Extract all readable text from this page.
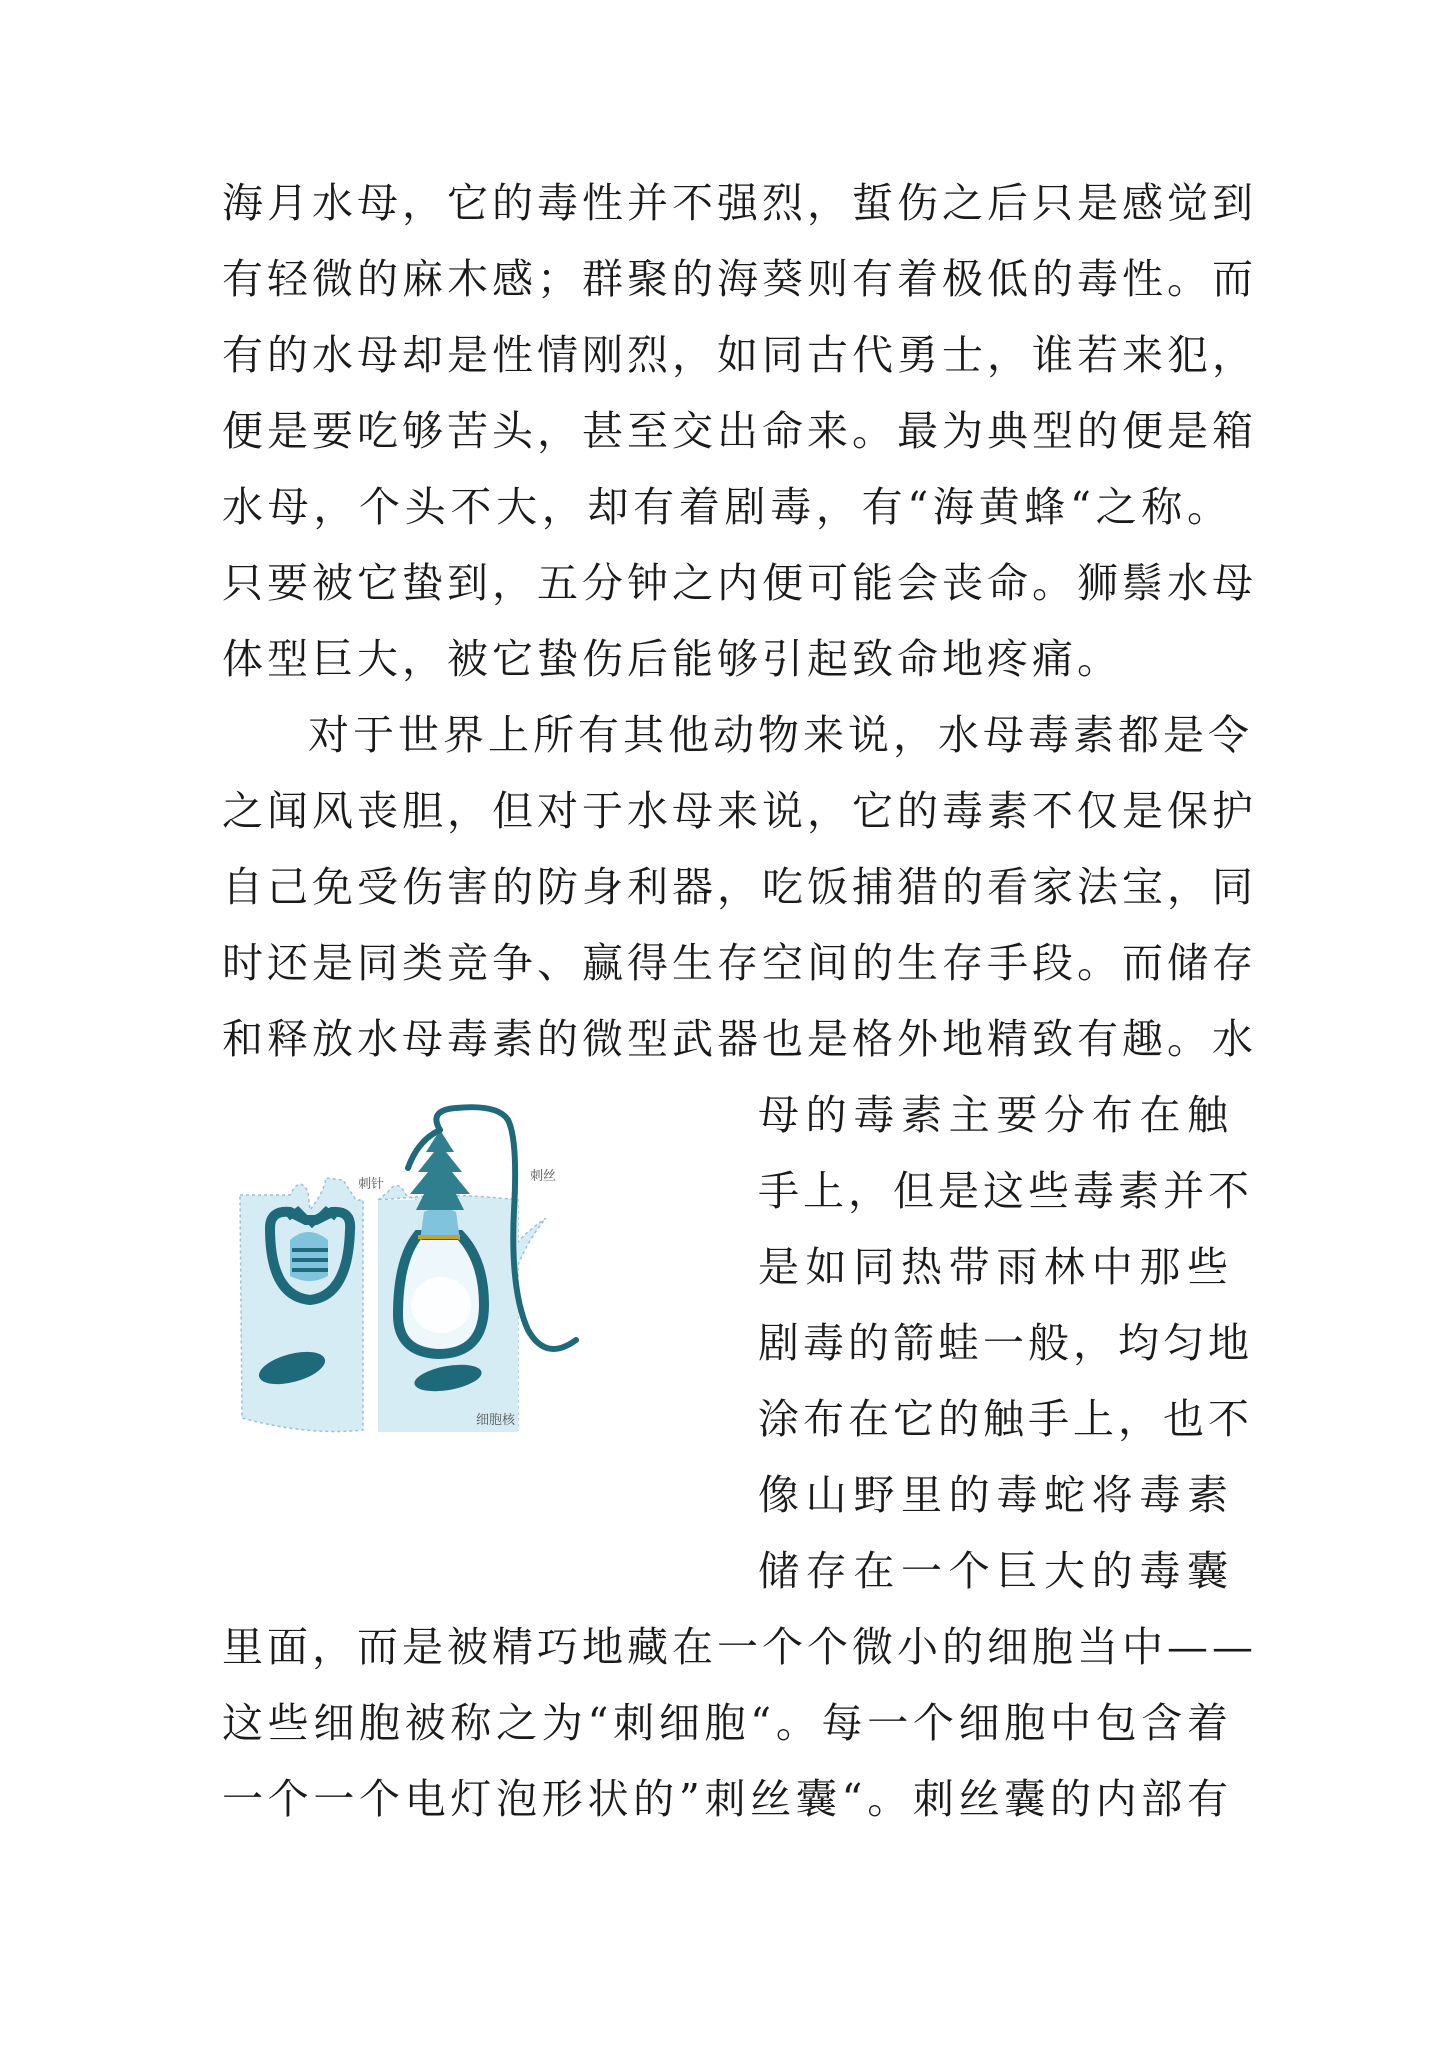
海月水母，它的毒性并不强烈，蜇伤之后只是感觉到
有轻微的麻木感；群聚的海葵则有着极低的毒性。而
有的水母却是性情刚烈，如同古代勇士，谁若来犯，
便是要吃够苦头，甚至交出命来。最为典型的便是箱
水母，个头不大，却有着剧毒，有“海黄蜂“之称。
只要被它蛰到，五分钟之内便可能会丧命。狮鬃水母
体型巨大，被它蛰伤后能够引起致命地疼痛。
对于世界上所有其他动物来说，水母毒素都是令
之闻风丧胆，但对于水母来说，它的毒素不仅是保护
自己免受伤害的防身利器，吃饭捕猎的看家法宝，同
时还是同类竞争、赢得生存空间的生存手段。而储存
和释放水母毒素的微型武器也是格外地精致有趣。水
母的毒素主要分布在触
手上，但是这些毒素并不
是如同热带雨林中那些
剧毒的箭蛙一般，均匀地
涂布在它的触手上，也不
像山野里的毒蛇将毒素
储存在一个巨大的毒囊
里面，而是被精巧地藏在一个个微小的细胞当中——
这些细胞被称之为“刺细胞“。每一个细胞中包含着
一个一个电灯泡形状的”刺丝囊“。刺丝囊的内部有
刺针
刺丝
细胞核
